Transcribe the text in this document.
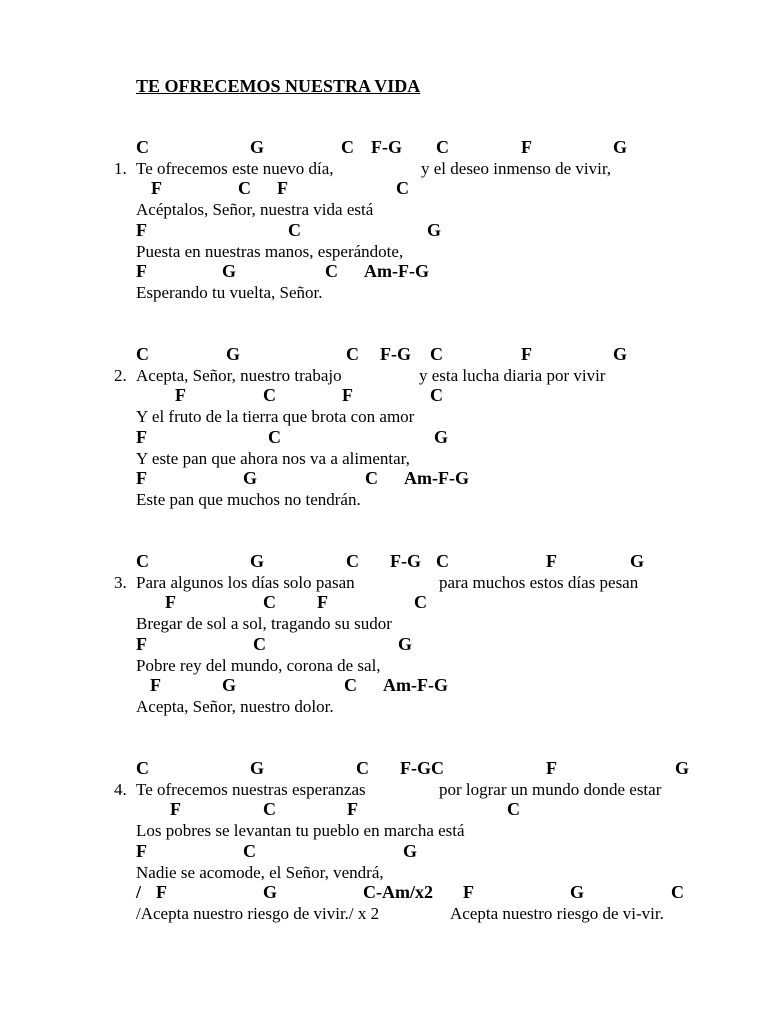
TE OFRECEMOS NUESTRA VIDA
C	G	C F-G C	F	G
1. Te ofrecemos este nuevo día,	y el deseo inmenso de vivir,
F	C F	C
Acéptalos, Señor, nuestra vida está
F	C	G
Puesta en nuestras manos, esperándote,
F	G	C Am-F-G
Esperando tu vuelta, Señor.
C	G	C F-G C	F	G
2. Acepta, Señor, nuestro trabajo	y esta lucha diaria por vivir
F	C	F	C
Y el fruto de la tierra que brota con amor
F	C	G
Y este pan que ahora nos va a alimentar,
F	G	C Am-F-G
Este pan que muchos no tendrán.
C	G	C F-G C	F	G
3. Para algunos los días solo pasan	para muchos estos días pesan
F	C F	C
Bregar de sol a sol, tragando su sudor
F	C	G
Pobre rey del mundo, corona de sal,
F	G	C Am-F-G
Acepta, Señor, nuestro dolor.
C	G	C F-GC	F	G
4. Te ofrecemos nuestras esperanzas	por lograr un mundo donde estar
F	C	F	C
Los pobres se levantan tu pueblo en marcha está
F	C	G
Nadie se acomode, el Señor, vendrá,
/ F	G	C-Am/x2 F	G	C
/Acepta nuestro riesgo de vivir./ x 2	Acepta nuestro riesgo de vi-vir.
